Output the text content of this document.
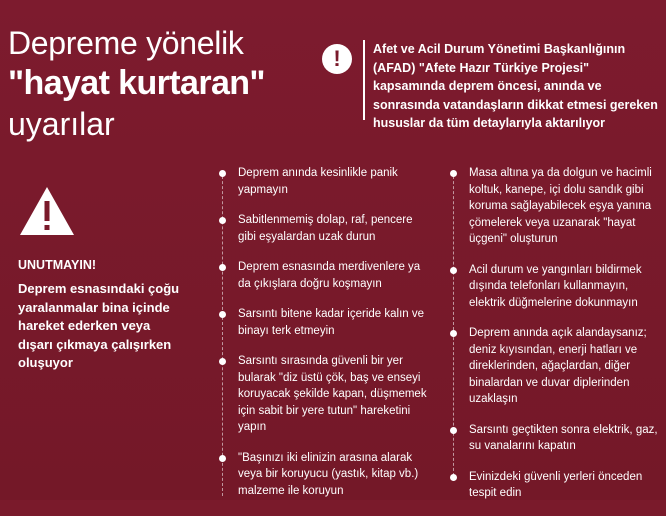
Depreme yönelik
"hayat kurtaran"
uyarılar
!	Afet ve Acil Durum Yönetimi Başkanlığının (AFAD) "Afete Hazır Türkiye Projesi" kapsamında deprem öncesi, anında ve sonrasında vatandaşların dikkat etmesi gereken hususlar da tüm detaylarıyla aktarılıyor
UNUTMAYIN!
Deprem esnasındaki çoğu yaralanmalar bina içinde hareket ederken veya dışarı çıkmaya çalışırken oluşuyor
Deprem anında kesinlikle panik yapmayın
Sabitlenmemiş dolap, raf, pencere gibi eşyalardan uzak durun
Deprem esnasında merdivenlere ya da çıkışlara doğru koşmayın
Sarsıntı bitene kadar içeride kalın ve binayı terk etmeyin
Sarsıntı sırasında güvenli bir yer bularak "diz üstü çök, baş ve enseyi koruyacak şekilde kapan, düşmemek için sabit bir yere tutun" hareketini yapın
"Başınızı iki elinizin arasına alarak veya bir koruyucu (yastık, kitap vb.) malzeme ile koruyun
Masa altına ya da dolgun ve hacimli koltuk, kanepe, içi dolu sandık gibi koruma sağlayabilecek eşya yanına çömelerek veya uzanarak "hayat üçgeni" oluşturun
Acil durum ve yangınları bildirmek dışında telefonları kullanmayın, elektrik düğmelerine dokunmayın
Deprem anında açık alandaysanız; deniz kıyısından, enerji hatları ve direklerinden, ağaçlardan, diğer binalardan ve duvar diplerinden uzaklaşın
Sarsıntı geçtikten sonra elektrik, gaz, su vanalarını kapatın
Evinizdeki güvenli yerleri önceden tespit edin
